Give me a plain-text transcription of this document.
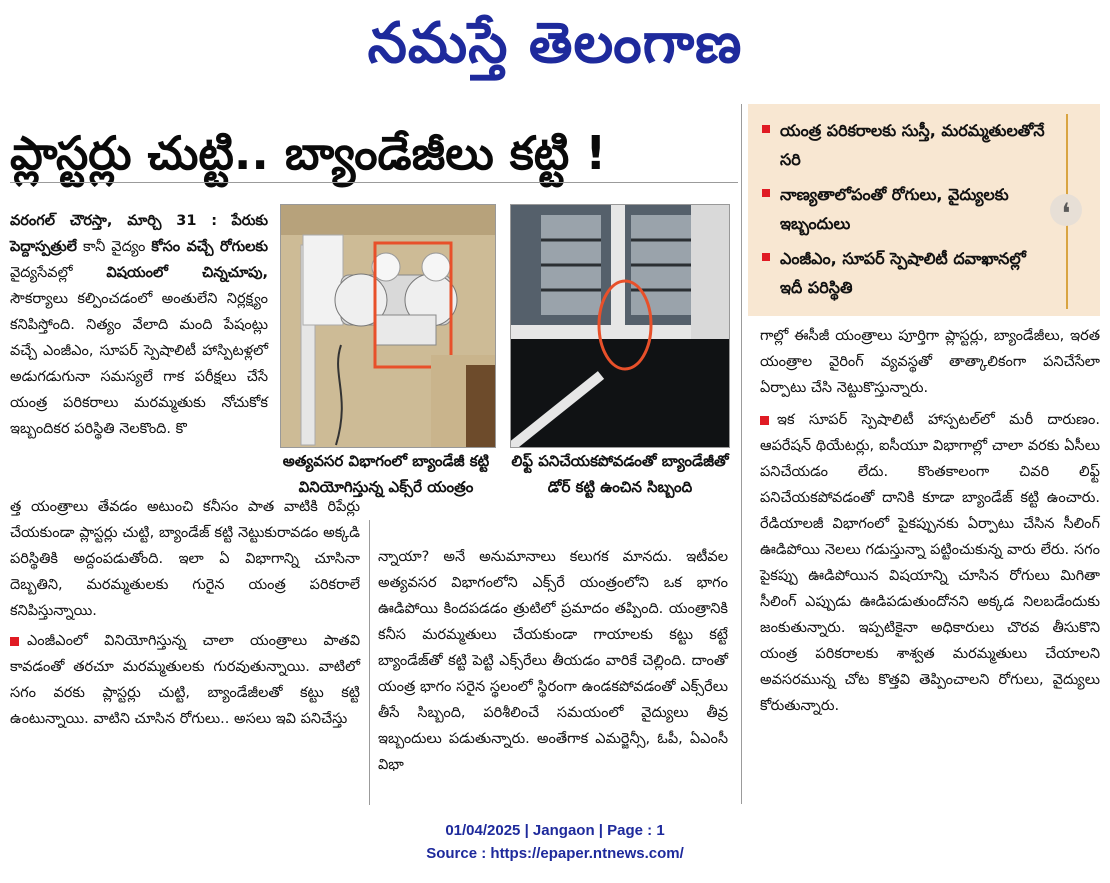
నమస్తే తెలంగాణ
ప్లాస్టర్లు చుట్టి.. బ్యాండేజీలు కట్టి !	యంత్ర పరికరాలకు సుస్తీ, మరమ్మతులతోనే సరి
నాణ్యతాలోపంతో రోగులు, వైద్యులకు ఇబ్బందులు
ఎంజీఎం, సూపర్ స్పెషాలిటీ దవాఖానల్లో ఇదీ పరిస్థితి
❛
అత్యవసర విభాగంలో బ్యాండేజీ కట్టి వినియోగిస్తున్న ఎక్స్‌రే యంత్రం
లిఫ్ట్ పనిచేయకపోవడంతో బ్యాండేజీతో డోర్ కట్టి ఉంచిన సిబ్బంది
వరంగల్ చౌరస్తా, మార్చి 31 : పేరుకు పెద్దాస్పత్రులే కానీ వైద్యం కోసం వచ్చే రోగులకు వైద్యసేవల్లో విషయంలో చిన్నచూపు, సౌకర్యాలు కల్పించడంలో అంతులేని నిర్లక్ష్యం కనిపిస్తోంది. నిత్యం వేలాది మంది పేషంట్లు వచ్చే ఎంజీఎం, సూపర్ స్పెషాలిటీ హాస్పిటళ్లలో అడుగడుగునా సమస్యలే గాక పరీక్షలు చేసే యంత్ర పరికరాలు మరమ్మతుకు నోచుకోక ఇబ్బందికర పరిస్థితి నెలకొంది. కొ

త్త యంత్రాలు తేవడం అటుంచి కనీసం పాత వాటికి రిపేర్లు చేయకుండా ప్లాస్టర్లు చుట్టి, బ్యాండేజ్ కట్టి నెట్టుకురావడం అక్కడి పరిస్థితికి అద్దంపడుతోంది. ఇలా ఏ విభాగాన్ని చూసినా దెబ్బతిని, మరమ్మతులకు గురైన యంత్ర పరికరాలే కనిపిస్తున్నాయి.

ఎంజీఎంలో వినియోగిస్తున్న చాలా యంత్రాలు పాతవి కావడంతో తరచూ మరమ్మతులకు గురవుతున్నాయి. వాటిలో సగం వరకు ప్లాస్టర్లు చుట్టి, బ్యాండేజీలతో కట్టు కట్టి ఉంటున్నాయి. వాటిని చూసిన రోగులు.. అసలు ఇవి పనిచేస్తు

న్నాయా? అనే అనుమానాలు కలుగక మానదు. ఇటీవల అత్యవసర విభాగంలోని ఎక్స్‌రే యంత్రంలోని ఒక భాగం ఊడిపోయి కిందపడడం త్రుటిలో ప్రమాదం తప్పింది. యంత్రానికి కనీస మరమ్మతులు చేయకుండా గాయాలకు కట్టు కట్టే బ్యాండేజ్‌తో కట్టి పెట్టి ఎక్స్‌రేలు తీయడం వారికే చెల్లింది. దాంతో యంత్ర భాగం సరైన స్థలంలో స్థిరంగా ఉండకపోవడంతో ఎక్స్‌రేలు తీసే సిబ్బంది, పరిశీలించే సమయంలో వైద్యులు తీవ్ర ఇబ్బందులు పడుతున్నారు. అంతేగాక ఎమర్జెన్సీ, ఓపీ, ఏఎంసీ విభా

గాల్లో ఈసీజీ యంత్రాలు పూర్తిగా ప్లాస్టర్లు, బ్యాండేజీలు, ఇరత యంత్రాల వైరింగ్ వ్యవస్థతో తాత్కాలికంగా పనిచేసేలా ఏర్పాటు చేసి నెట్టుకొస్తున్నారు.

ఇక సూపర్ స్పెషాలిటీ హాస్పటల్‌లో మరీ దారుణం. ఆపరేషన్ థియేటర్లు, ఐసీయూ విభాగాల్లో చాలా వరకు ఏసీలు పనిచేయడం లేదు. కొంతకాలంగా చివరి లిఫ్ట్ పనిచేయకపోవడంతో దానికి కూడా బ్యాండేజ్ కట్టి ఉంచారు. రేడియాలజీ విభాగంలో పైకప్పునకు ఏర్పాటు చేసిన సీలింగ్ ఊడిపోయి నెలలు గడుస్తున్నా పట్టించుకున్న వారు లేరు. సగం పైకప్పు ఊడిపోయిన విషయాన్ని చూసిన రోగులు మిగితా సీలింగ్ ఎప్పుడు ఊడిపడుతుందోనని అక్కడ నిలబడేందుకు జంకుతున్నారు. ఇప్పటికైనా అధికారులు చొరవ తీసుకొని యంత్ర పరికరాలకు శాశ్వత మరమ్మతులు చేయాలని అవసరమున్న చోట కొత్తవి తెప్పించాలని రోగులు, వైద్యులు కోరుతున్నారు.

01/04/2025 | Jangaon | Page : 1
Source : https://epaper.ntnews.com/
